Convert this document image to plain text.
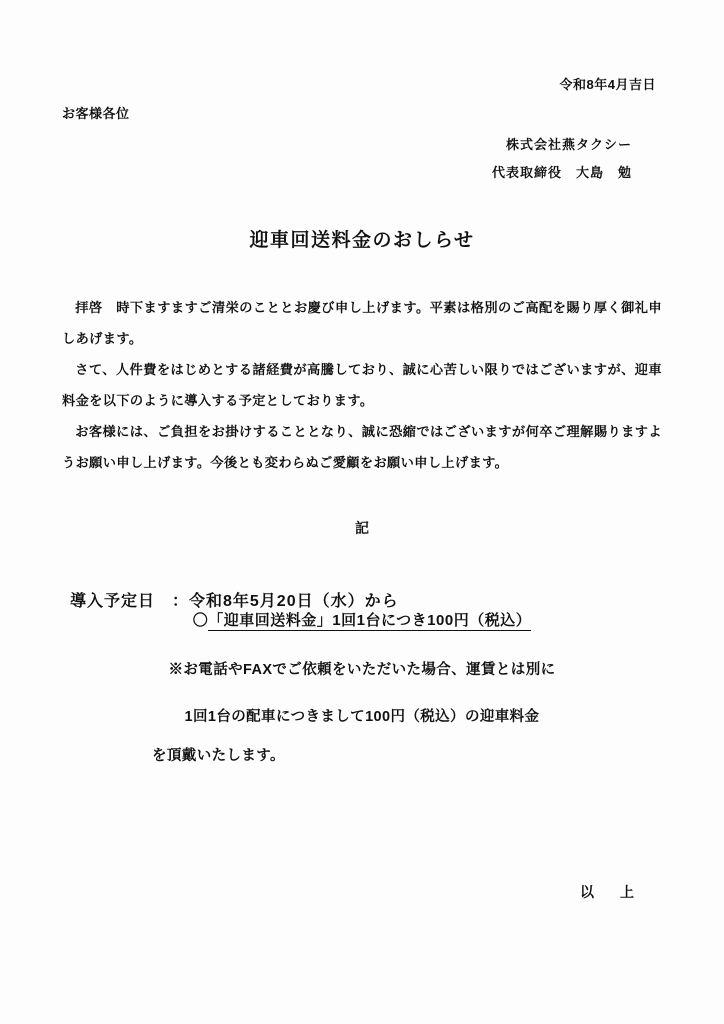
令和8年4月吉日
お客様各位
株式会社燕タクシー
代表取締役　大島　勉
迎車回送料金のおしらせ

拝啓　時下ますますご清栄のこととお慶び申し上げます。平素は格別のご高配を賜り厚く御礼申しあげます。

さて、人件費をはじめとする諸経費が高騰しており、誠に心苦しい限りではございますが、迎車料金を以下のように導入する予定としております。

お客様には、ご負担をお掛けすることとなり、誠に恐縮ではございますが何卒ご理解賜りますようお願い申し上げます。今後とも変わらぬご愛顧をお願い申し上げます。

記
導入予定日　：令和8年5月20日（水）から
〇「迎車回送料金」1回1台につき100円（税込）
※お電話やFAXでご依頼をいただいた場合、運賃とは別に
1回1台の配車につきまして100円（税込）の迎車料金
を頂戴いたします。
以　上
